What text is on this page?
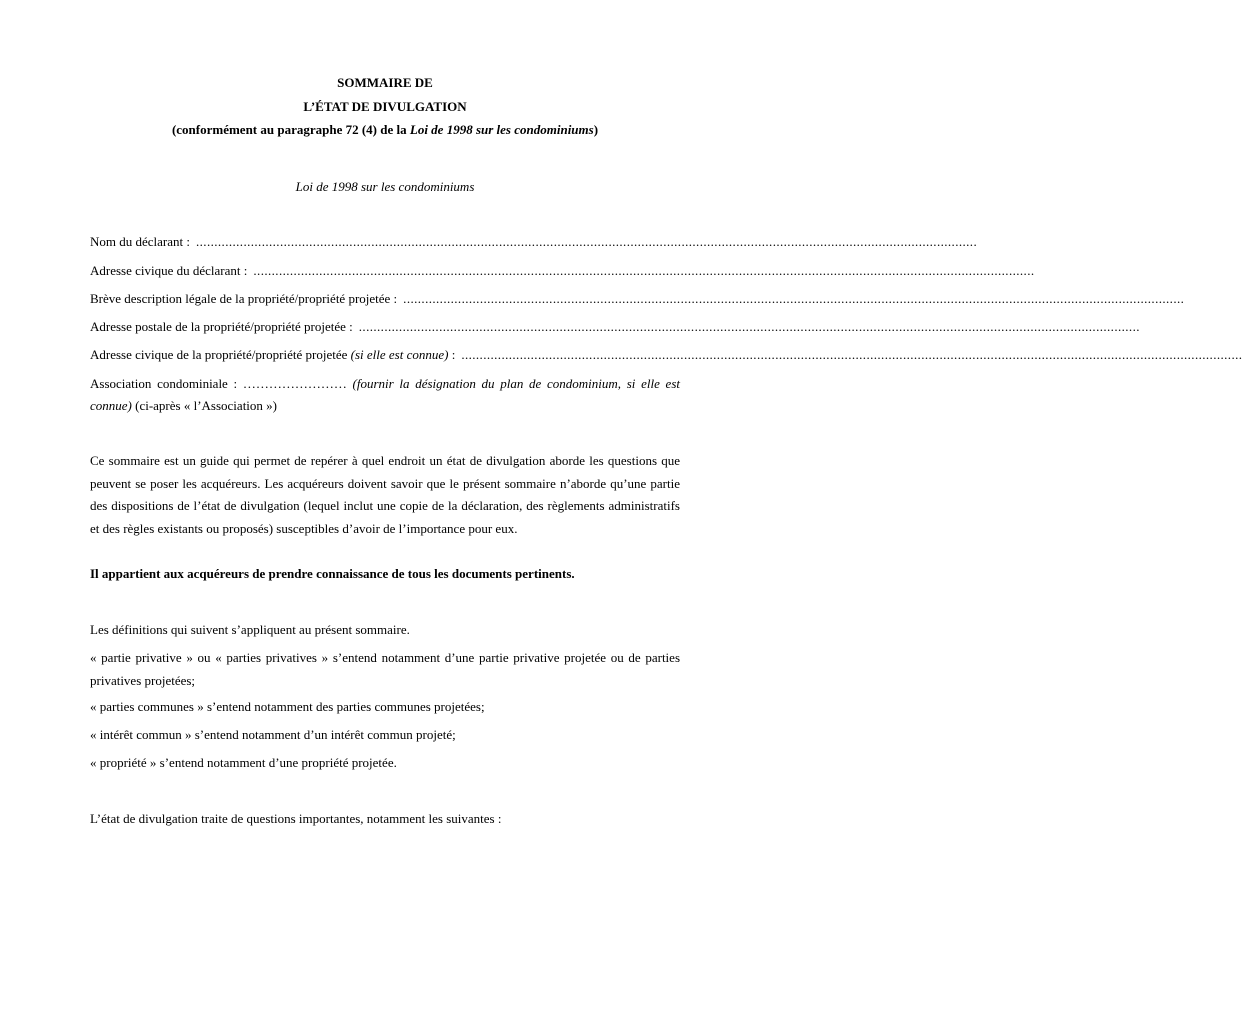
SOMMAIRE DE
L’ÉTAT DE DIVULGATION
(conformément au paragraphe 72 (4) de la Loi de 1998 sur les condominiums)
Loi de 1998 sur les condominiums
Nom du déclarant : ......................................................................................................................................................................................................................
Adresse civique du déclarant : ......................................................................................................................................................................................................................
Brève description légale de la propriété/propriété projetée : ......................................................................................................................................................................................................................
Adresse postale de la propriété/propriété projetée : ......................................................................................................................................................................................................................
Adresse civique de la propriété/propriété projetée (si elle est connue) : ......................................................................................................................................................................................................................
Association condominiale : …………………… (fournir la désignation du plan de condominium, si elle est connue) (ci-après « l’Association »)
Ce sommaire est un guide qui permet de repérer à quel endroit un état de divulgation aborde les questions que peuvent se poser les acquéreurs. Les acquéreurs doivent savoir que le présent sommaire n’aborde qu’une partie des dispositions de l’état de divulgation (lequel inclut une copie de la déclaration, des règlements administratifs et des règles existants ou proposés) susceptibles d’avoir de l’importance pour eux.
Il appartient aux acquéreurs de prendre connaissance de tous les documents pertinents.
Les définitions qui suivent s’appliquent au présent sommaire.
« partie privative » ou « parties privatives » s’entend notamment d’une partie privative projetée ou de parties privatives projetées;
« parties communes » s’entend notamment des parties communes projetées;
« intérêt commun » s’entend notamment d’un intérêt commun projeté;
« propriété » s’entend notamment d’une propriété projetée.
L’état de divulgation traite de questions importantes, notamment les suivantes :
